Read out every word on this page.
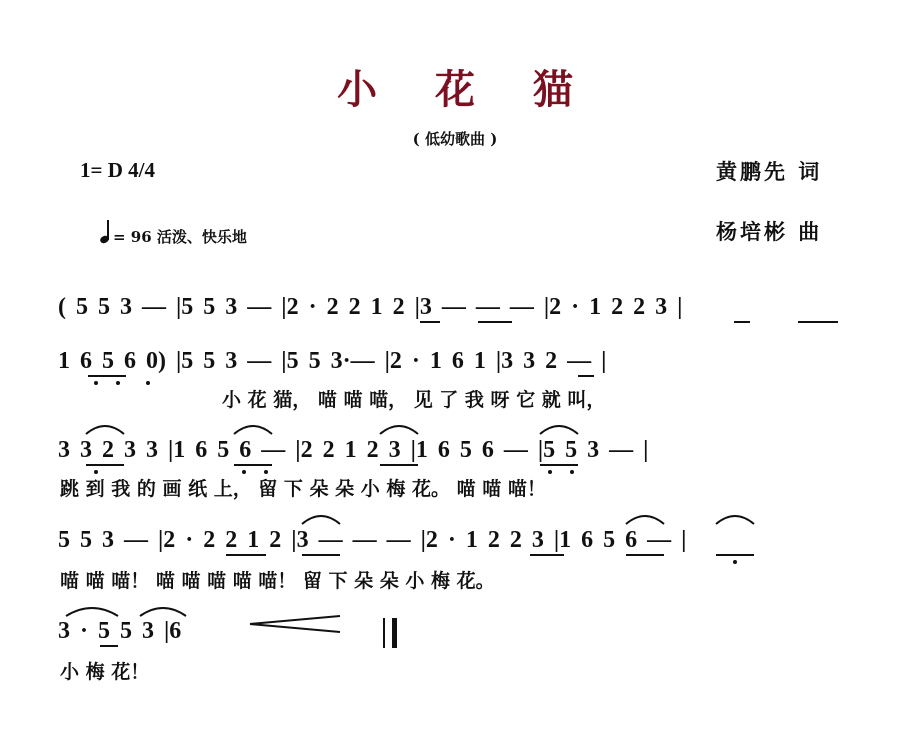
小 花 猫
( 低幼歌曲 )
1= D 4/4	黄鹏先 词
杨培彬 曲
= 96 活泼、快乐地
( 5 5 3 — |5 5 3 — |2 · 2 2 1 2 |3 — — — |2 · 1 2 2 3 |
1 6 5 6 0) |5 5 3 — |5 5 3·— |2 · 1 6 1 |3 3 2 — |
小 花 猫， 喵 喵 喵， 见 了 我 呀 它 就 叫，
3 3 2 3 3 |1 6 5 6 — |2 2 1 2 3 |1 6 5 6 — |5 5 3 — |
跳 到 我 的 画 纸 上， 留 下 朵 朵 小 梅 花。 喵 喵 喵！
5 5 3 — |2 · 2 2 1 2 |3 — — — |2 · 1 2 2 3 |1 6 5 6 — |
喵 喵 喵！ 喵 喵 喵 喵 喵！ 留 下 朵 朵 小 梅 花。
3 · 5 5 3 |6
小 梅 花！
